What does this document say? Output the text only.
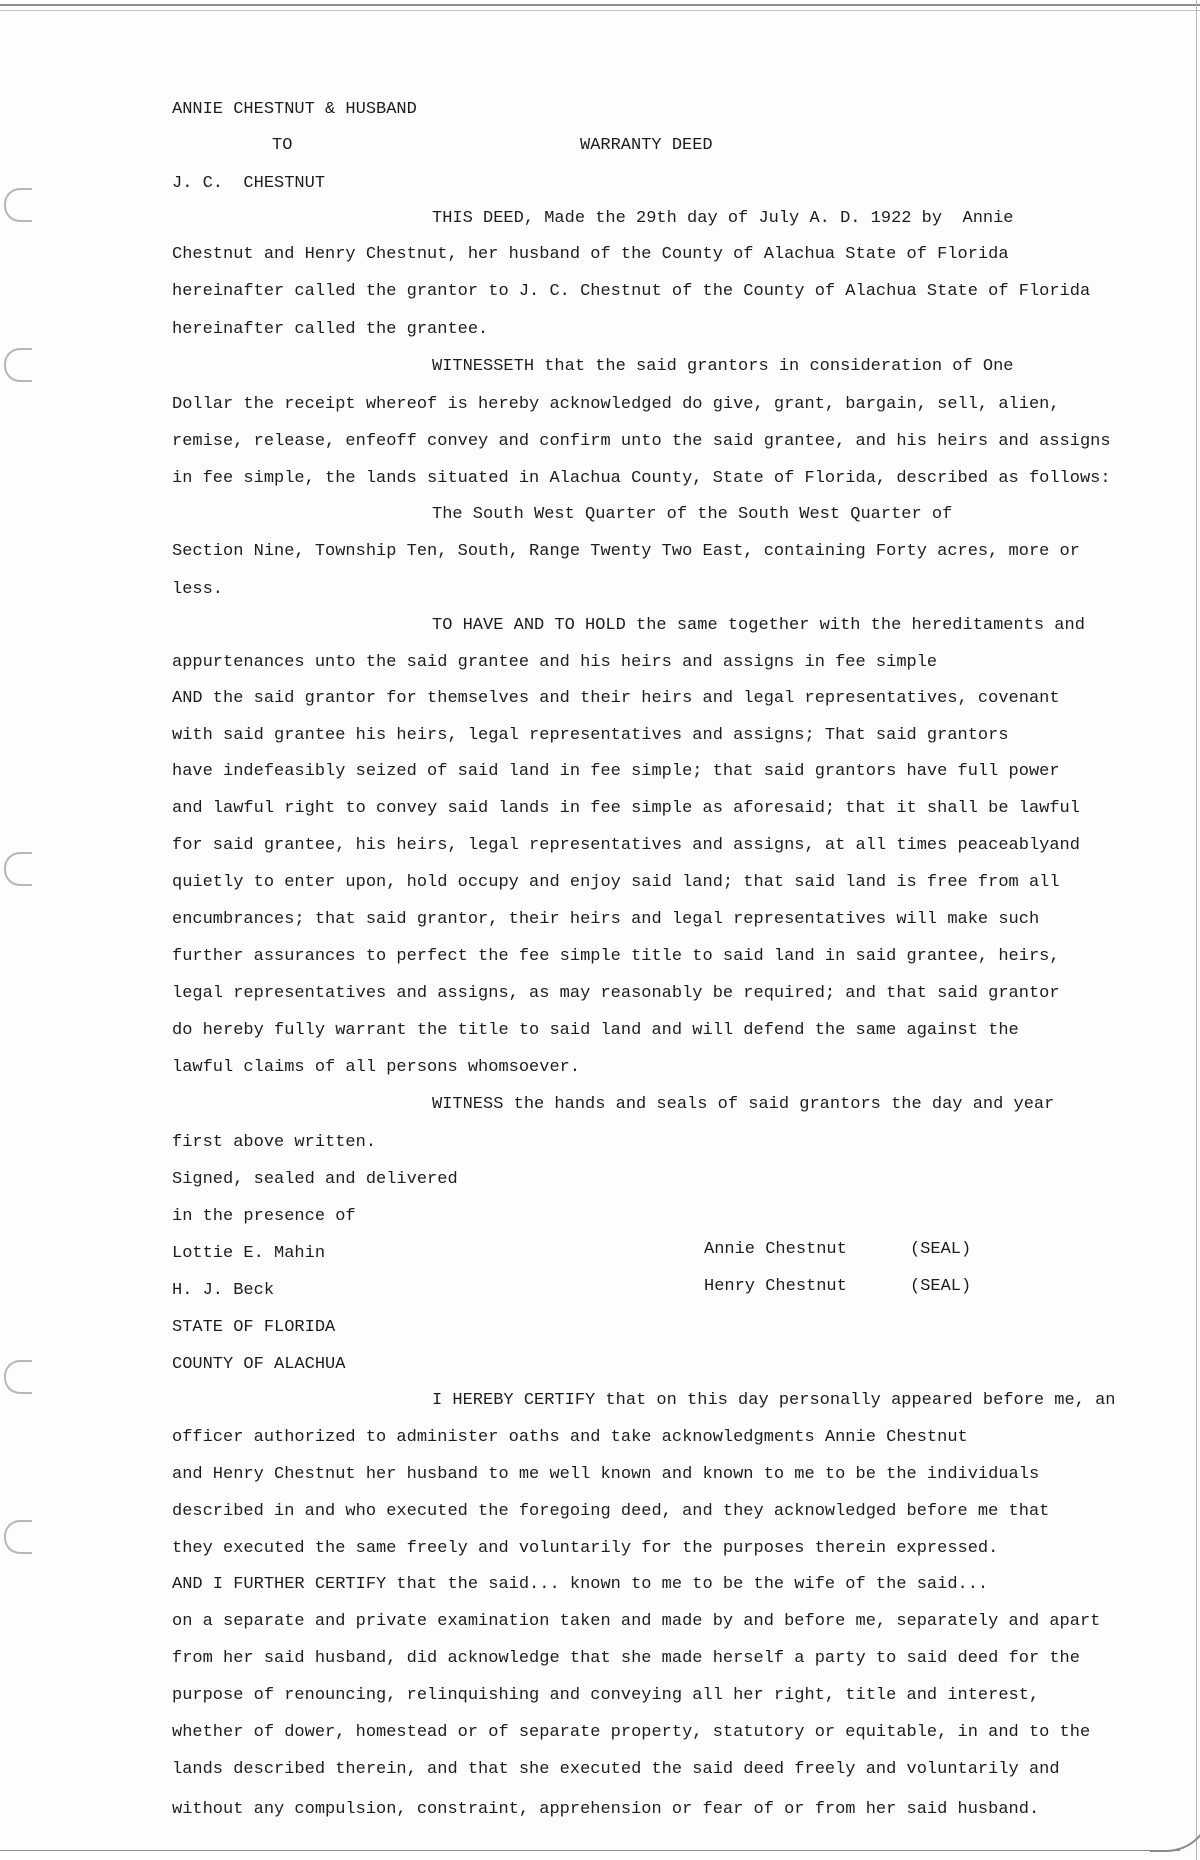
ANNIE CHESTNUT & HUSBAND
TO	WARRANTY DEED
J. C.  CHESTNUT
THIS DEED, Made the 29th day of July A. D. 1922 by  Annie
Chestnut and Henry Chestnut, her husband of the County of Alachua State of Florida
hereinafter called the grantor to J. C. Chestnut of the County of Alachua State of Florida
hereinafter called the grantee.
WITNESSETH that the said grantors in consideration of One
Dollar the receipt whereof is hereby acknowledged do give, grant, bargain, sell, alien,
remise, release, enfeoff convey and confirm unto the said grantee, and his heirs and assigns
in fee simple, the lands situated in Alachua County, State of Florida, described as follows:
The South West Quarter of the South West Quarter of
Section Nine, Township Ten, South, Range Twenty Two East, containing Forty acres, more or
less.
TO HAVE AND TO HOLD the same together with the hereditaments and
appurtenances unto the said grantee and his heirs and assigns in fee simple
AND the said grantor for themselves and their heirs and legal representatives, covenant
with said grantee his heirs, legal representatives and assigns; That said grantors
have indefeasibly seized of said land in fee simple; that said grantors have full power
and lawful right to convey said lands in fee simple as aforesaid; that it shall be lawful
for said grantee, his heirs, legal representatives and assigns, at all times peaceablyand
quietly to enter upon, hold occupy and enjoy said land; that said land is free from all
encumbrances; that said grantor, their heirs and legal representatives will make such
further assurances to perfect the fee simple title to said land in said grantee, heirs,
legal representatives and assigns, as may reasonably be required; and that said grantor
do hereby fully warrant the title to said land and will defend the same against the
lawful claims of all persons whomsoever.
WITNESS the hands and seals of said grantors the day and year
first above written.
Signed, sealed and delivered
in the presence of
Lottie E. Mahin	Annie Chestnut	(SEAL)
H. J. Beck	Henry Chestnut	(SEAL)
STATE OF FLORIDA
COUNTY OF ALACHUA
I HEREBY CERTIFY that on this day personally appeared before me, an
officer authorized to administer oaths and take acknowledgments Annie Chestnut
and Henry Chestnut her husband to me well known and known to me to be the individuals
described in and who executed the foregoing deed, and they acknowledged before me that
they executed the same freely and voluntarily for the purposes therein expressed.
AND I FURTHER CERTIFY that the said... known to me to be the wife of the said...
on a separate and private examination taken and made by and before me, separately and apart
from her said husband, did acknowledge that she made herself a party to said deed for the
purpose of renouncing, relinquishing and conveying all her right, title and interest,
whether of dower, homestead or of separate property, statutory or equitable, in and to the
lands described therein, and that she executed the said deed freely and voluntarily and
without any compulsion, constraint, apprehension or fear of or from her said husband.
